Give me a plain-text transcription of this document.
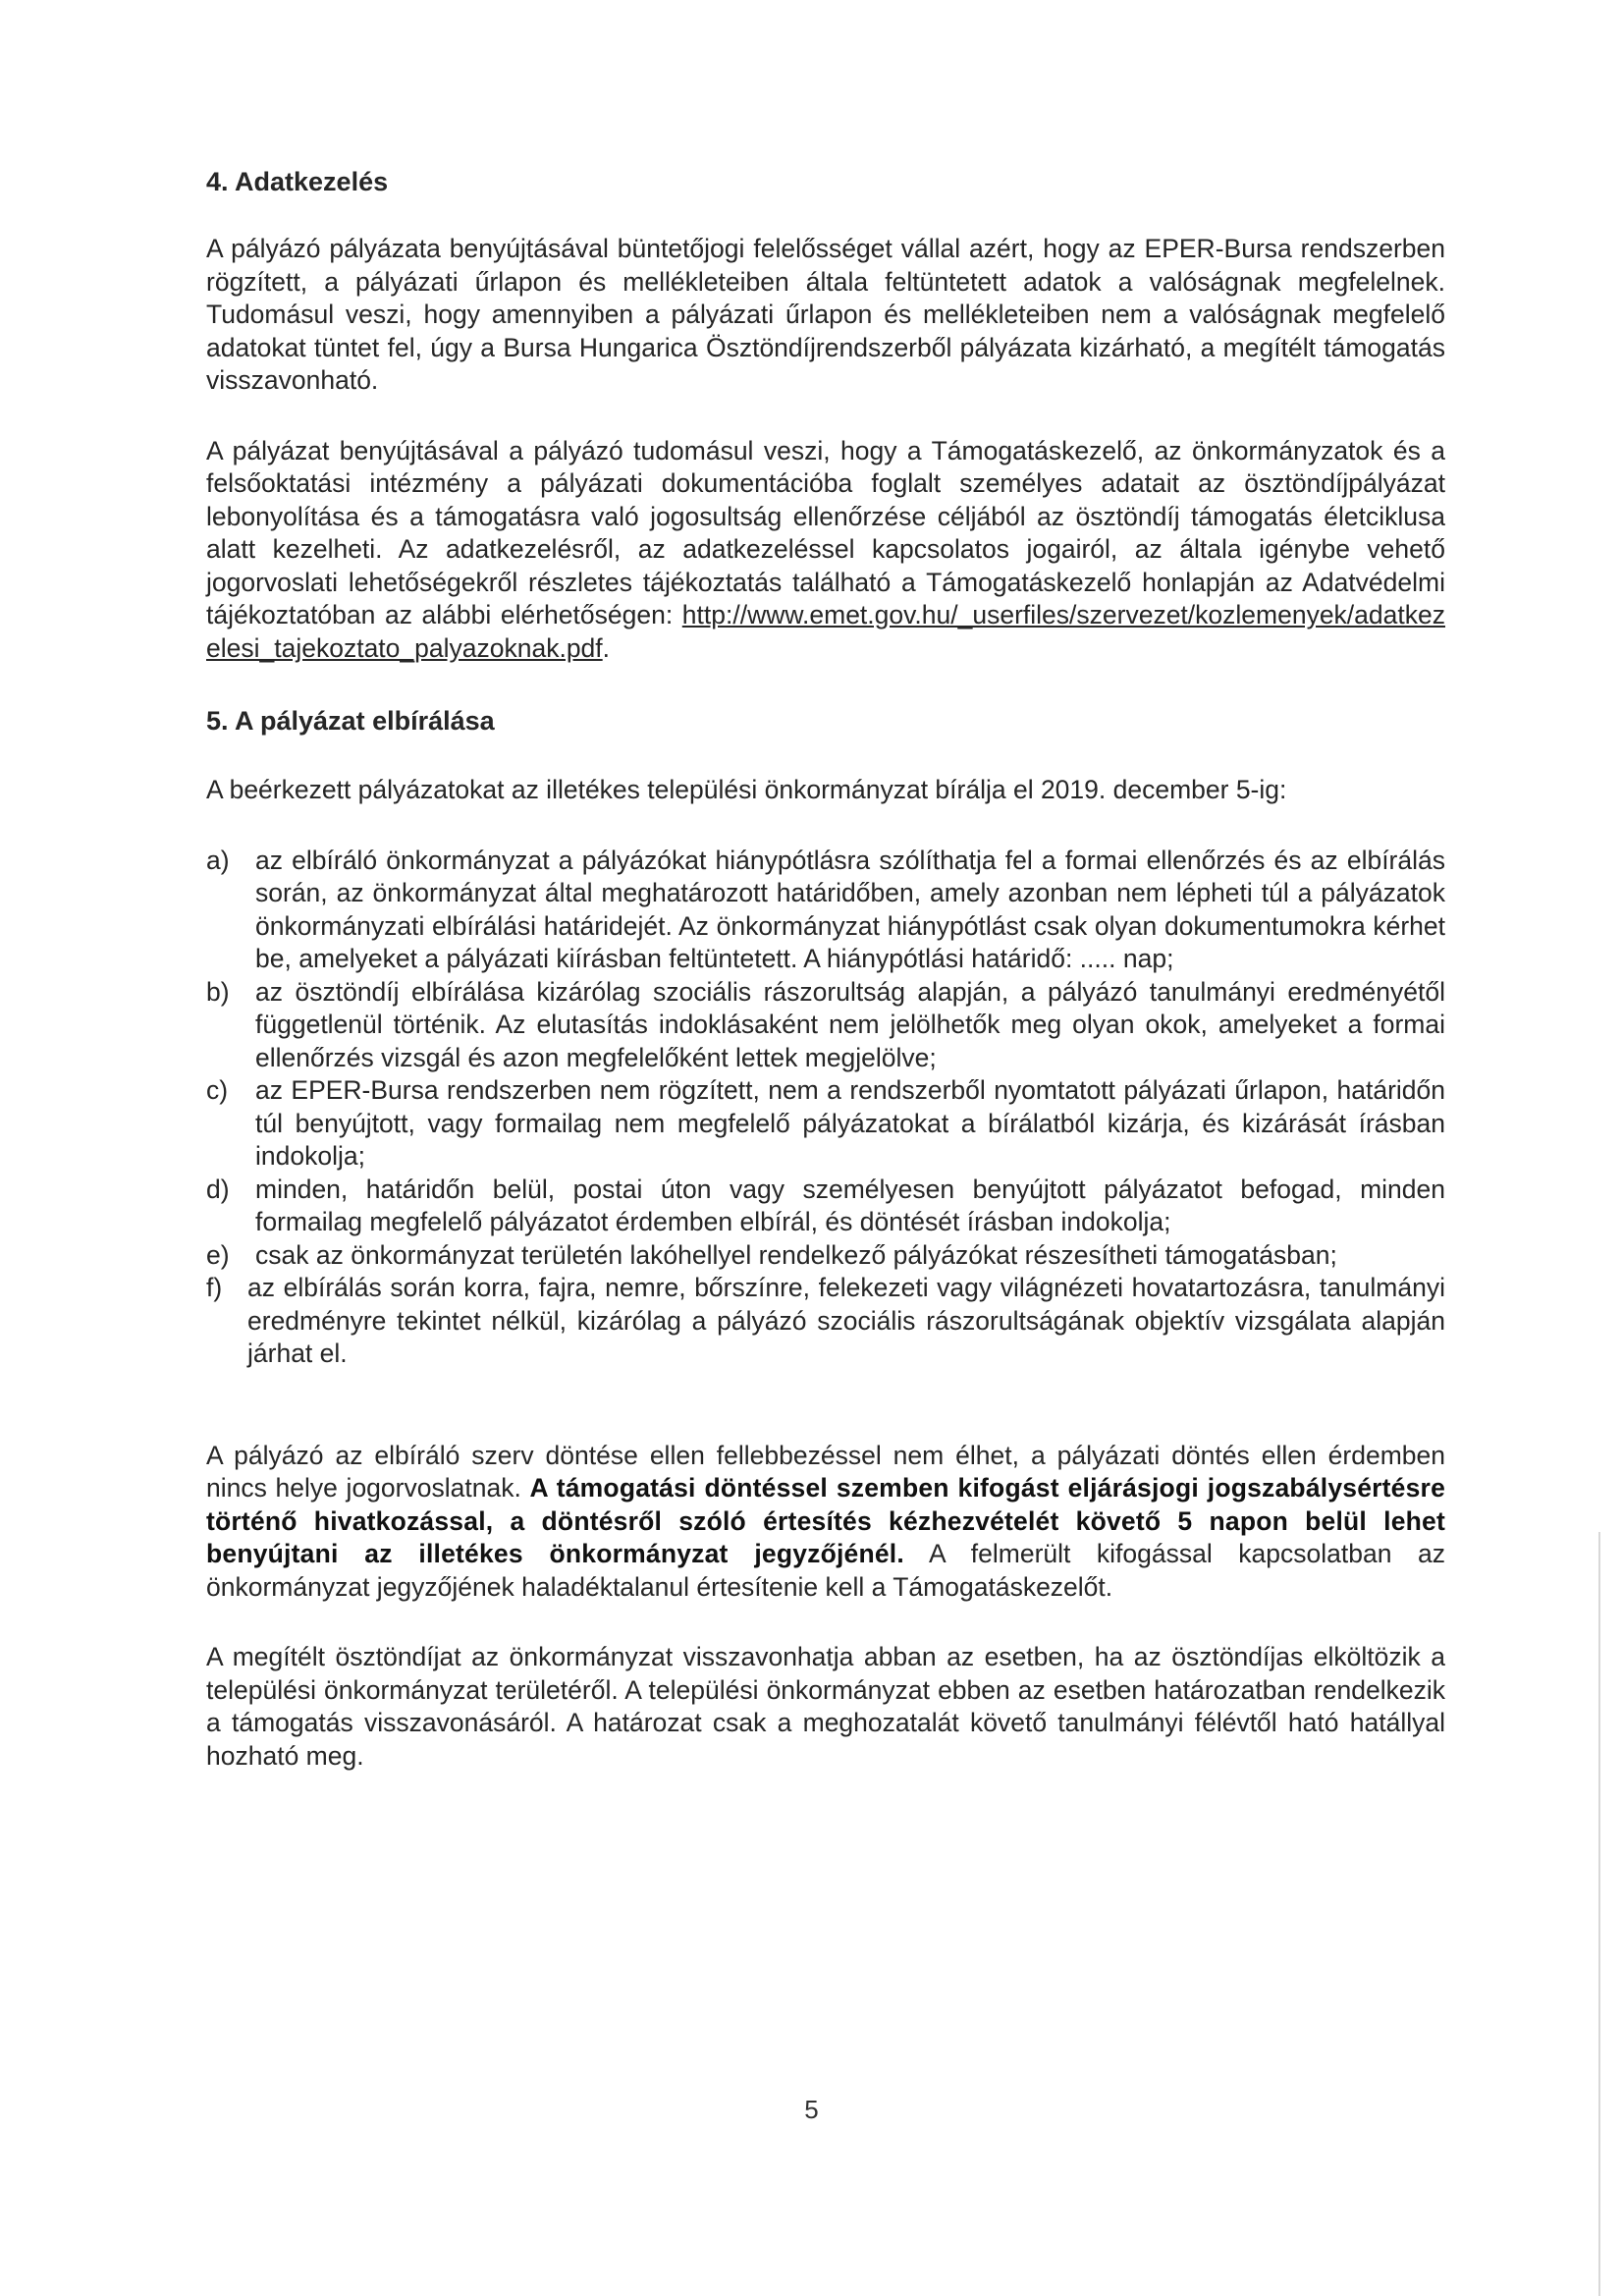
4. Adatkezelés

A pályázó pályázata benyújtásával büntetőjogi felelősséget vállal azért, hogy az EPER-Bursa rendszerben rögzített, a pályázati űrlapon és mellékleteiben általa feltüntetett adatok a valóságnak megfelelnek. Tudomásul veszi, hogy amennyiben a pályázati űrlapon és mellékleteiben nem a valóságnak megfelelő adatokat tüntet fel, úgy a Bursa Hungarica Ösztöndíjrendszerből pályázata kizárható, a megítélt támogatás visszavonható.

A pályázat benyújtásával a pályázó tudomásul veszi, hogy a Támogatáskezelő, az önkormányzatok és a felsőoktatási intézmény a pályázati dokumentációba foglalt személyes adatait az ösztöndíjpályázat lebonyolítása és a támogatásra való jogosultság ellenőrzése céljából az ösztöndíj támogatás életciklusa alatt kezelheti. Az adatkezelésről, az adatkezeléssel kapcsolatos jogairól, az általa igénybe vehető jogorvoslati lehetőségekről részletes tájékoztatás található a Támogatáskezelő honlapján az Adatvédelmi tájékoztatóban az alábbi elérhetőségen: http://www.emet.gov.hu/_userfiles/szervezet/kozlemenyek/adatkezelesi_tajekoztato_palyazoknak.pdf.

5. A pályázat elbírálása

A beérkezett pályázatokat az illetékes települési önkormányzat bírálja el 2019. december 5-ig:

a) az elbíráló önkormányzat a pályázókat hiánypótlásra szólíthatja fel a formai ellenőrzés és az elbírálás során, az önkormányzat által meghatározott határidőben, amely azonban nem lépheti túl a pályázatok önkormányzati elbírálási határidejét. Az önkormányzat hiánypótlást csak olyan dokumentumokra kérhet be, amelyeket a pályázati kiírásban feltüntetett. A hiánypótlási határidő: ..... nap;
b) az ösztöndíj elbírálása kizárólag szociális rászorultság alapján, a pályázó tanulmányi eredményétől függetlenül történik. Az elutasítás indoklásaként nem jelölhetők meg olyan okok, amelyeket a formai ellenőrzés vizsgál és azon megfelelőként lettek megjelölve;
c)	az EPER-Bursa rendszerben nem rögzített, nem a rendszerből nyomtatott pályázati űrlapon, határidőn túl benyújtott, vagy formailag nem megfelelő pályázatokat a bírálatból kizárja, és kizárását írásban indokolja;
d) minden, határidőn belül, postai úton vagy személyesen benyújtott pályázatot befogad, minden formailag megfelelő pályázatot érdemben elbírál, és döntését írásban indokolja;
e) csak az önkormányzat területén lakóhellyel rendelkező pályázókat részesítheti támogatásban;
f) az elbírálás során korra, fajra, nemre, bőrszínre, felekezeti vagy világnézeti hovatartozásra, tanulmányi eredményre tekintet nélkül, kizárólag a pályázó szociális rászorultságának objektív vizsgálata alapján járhat el.

A pályázó az elbíráló szerv döntése ellen fellebbezéssel nem élhet, a pályázati döntés ellen érdemben nincs helye jogorvoslatnak. A támogatási döntéssel szemben kifogást eljárásjogi jogszabálysértésre történő hivatkozással, a döntésről szóló értesítés kézhezvételét követő 5 napon belül lehet benyújtani az illetékes önkormányzat jegyzőjénél. A felmerült kifogással kapcsolatban az önkormányzat jegyzőjének haladéktalanul értesítenie kell a Támogatáskezelőt.

A megítélt ösztöndíjat az önkormányzat visszavonhatja abban az esetben, ha az ösztöndíjas elköltözik a települési önkormányzat területéről. A települési önkormányzat ebben az esetben határozatban rendelkezik a támogatás visszavonásáról. A határozat csak a meghozatalát követő tanulmányi félévtől ható hatállyal hozható meg.

5
